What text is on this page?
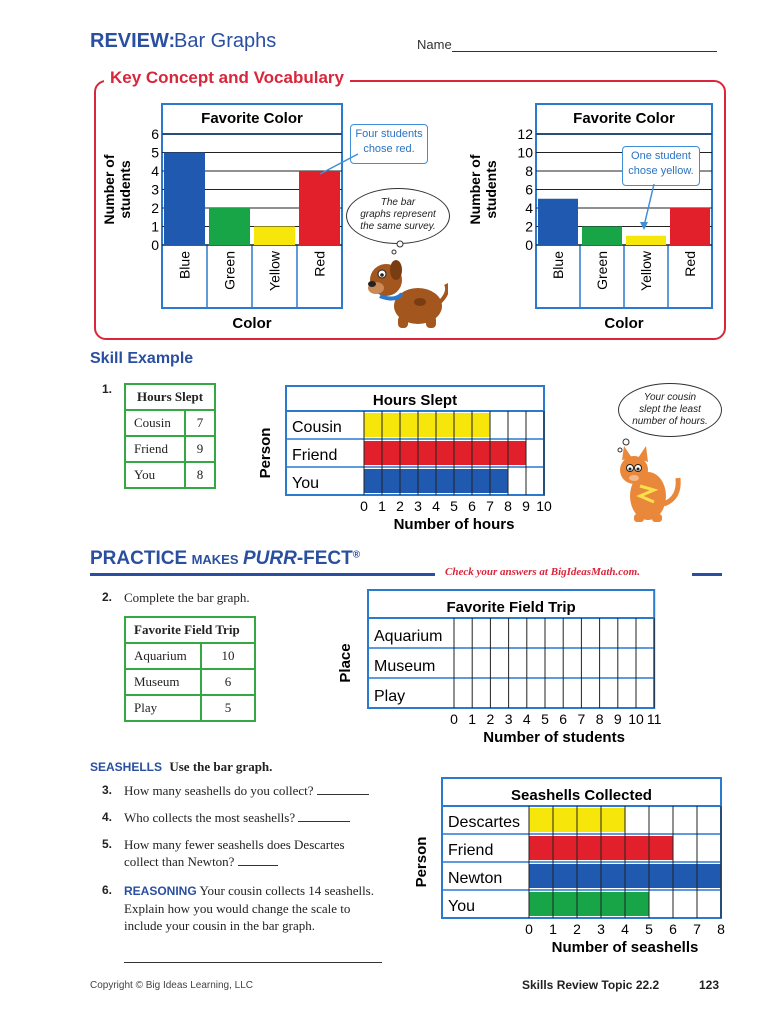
REVIEW:
Bar Graphs	Name
Key Concept and Vocabulary
Favorite Color
0
1
2
3
4
5
6
Blue Green Yellow Red
Color
Number of students
Favorite Color
0
2
4
6
8
10
12
Blue Green Yellow Red
Color
Number of students
Four students
chose red.
One student
chose yellow.
The bar
graphs represent
the same survey.
Skill Example
1. Hours Slept	
Cousin	7
Friend	9
You	8
Hours Slept
Cousin
Friend
You
0 1 2 3 4 5 6 7 8 9 10
Number of hours
Person
Your cousin
slept the least
number of hours.
PRACTICE MAKES PURR-FECT®
Check your answers at BigIdeasMath.com.
2. Complete the bar graph.
Favorite Field Trip	
Aquarium	10
Museum	6
Play	5
Favorite Field Trip
Aquarium
Museum
Play
0 1 2 3 4 5 6 7 8 9 10 11
Number of students
Place
SEASHELLS Use the bar graph.
3. How many seashells do you collect?
4. Who collects the most seashells?
5. How many fewer seashells does Descartes
collect than Newton?
6. REASONING Your cousin collects 14 seashells.
Explain how you would change the scale to
include your cousin in the bar graph.
Seashells Collected
Descartes
Friend
Newton
You
0 1 2 3 4 5 6 7 8
Number of seashells
Person
Copyright © Big Ideas Learning, LLC	Skills Review Topic 22.2	123
